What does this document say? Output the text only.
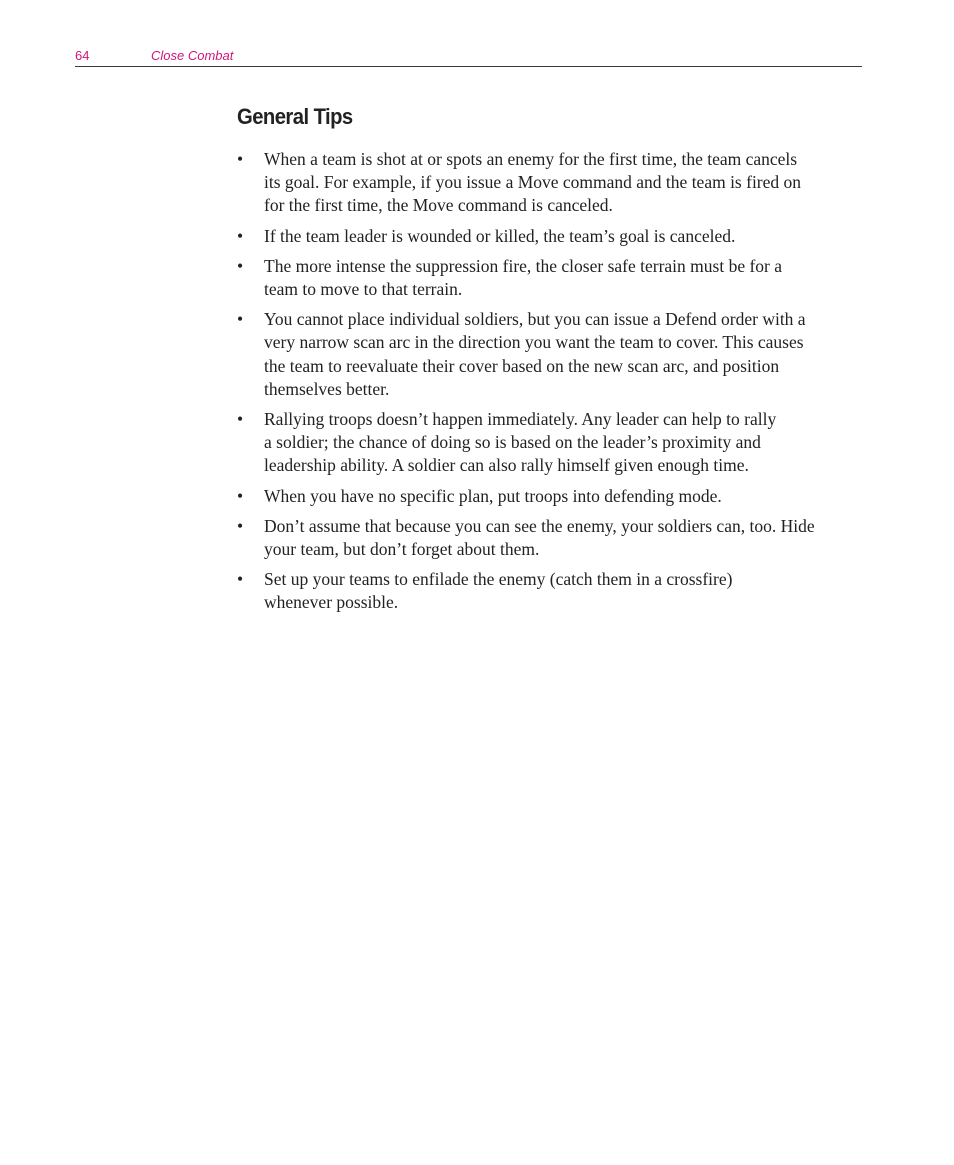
64	Close Combat
General Tips
• When a team is shot at or spots an enemy for the first time, the team cancels
its goal. For example, if you issue a Move command and the team is fired on
for the first time, the Move command is canceled.
• If the team leader is wounded or killed, the team’s goal is canceled.
• The more intense the suppression fire, the closer safe terrain must be for a
team to move to that terrain.
• You cannot place individual soldiers, but you can issue a Defend order with a
very narrow scan arc in the direction you want the team to cover. This causes
the team to reevaluate their cover based on the new scan arc, and position
themselves better.
• Rallying troops doesn’t happen immediately. Any leader can help to rally
a soldier; the chance of doing so is based on the leader’s proximity and
leadership ability. A soldier can also rally himself given enough time.
• When you have no specific plan, put troops into defending mode.
• Don’t assume that because you can see the enemy, your soldiers can, too. Hide
your team, but don’t forget about them.
• Set up your teams to enfilade the enemy (catch them in a crossfire)
whenever possible.
